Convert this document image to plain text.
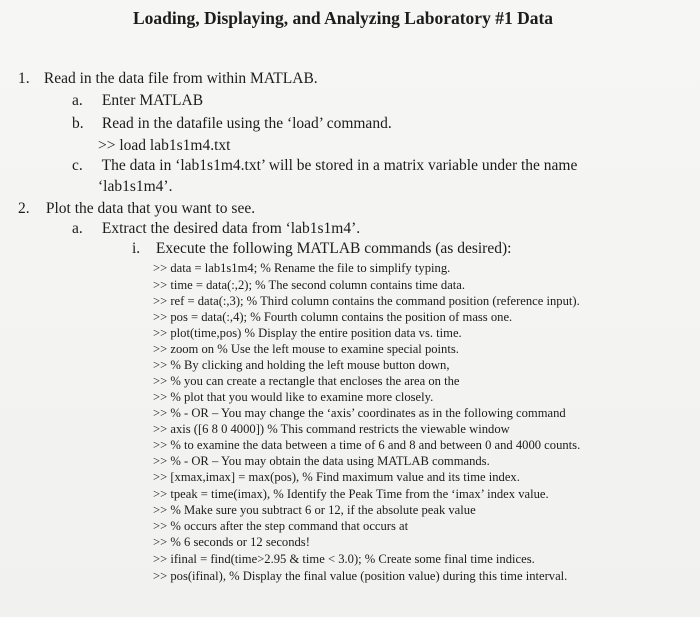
Loading, Displaying, and Analyzing Laboratory #1 Data
1. Read in the data file from within MATLAB.
a. Enter MATLAB
b. Read in the datafile using the ‘load’ command.
>> load lab1s1m4.txt
c. The data in ‘lab1s1m4.txt’ will be stored in a matrix variable under the name
‘lab1s1m4’.
2. Plot the data that you want to see.
a. Extract the desired data from ‘lab1s1m4’.
i. Execute the following MATLAB commands (as desired):
>> data = lab1s1m4; % Rename the file to simplify typing.
>> time = data(:,2); % The second column contains time data.
>> ref = data(:,3); % Third column contains the command position (reference input).
>> pos = data(:,4); % Fourth column contains the position of mass one.
>> plot(time,pos) % Display the entire position data vs. time.
>> zoom on % Use the left mouse to examine special points.
>> % By clicking and holding the left mouse button down,
>> % you can create a rectangle that encloses the area on the
>> % plot that you would like to examine more closely.
>> % - OR – You may change the ‘axis’ coordinates as in the following command
>> axis ([6 8 0 4000]) % This command restricts the viewable window
>> % to examine the data between a time of 6 and 8 and between 0 and 4000 counts.
>> % - OR – You may obtain the data using MATLAB commands.
>> [xmax,imax] = max(pos), % Find maximum value and its time index.
>> tpeak = time(imax), % Identify the Peak Time from the ‘imax’ index value.
>> % Make sure you subtract 6 or 12, if the absolute peak value
>> % occurs after the step command that occurs at
>> % 6 seconds or 12 seconds!
>> ifinal = find(time>2.95 & time < 3.0); % Create some final time indices.
>> pos(ifinal), % Display the final value (position value) during this time interval.
